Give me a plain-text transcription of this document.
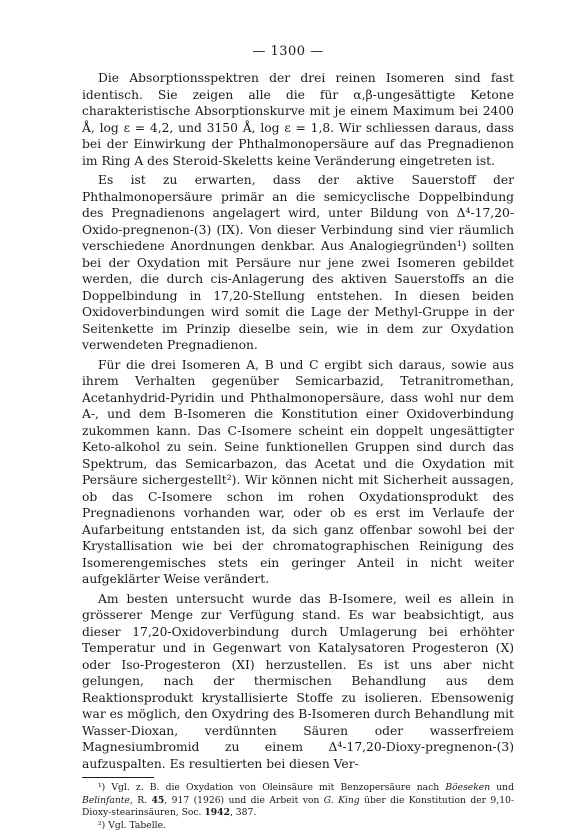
— 1300 —

Die Absorptionsspektren der drei reinen Isomeren sind fast identisch. Sie zeigen alle die für α,β-ungesättigte Ketone charakteristische Absorptionskurve mit je einem Maximum bei 2400 Å, log ε = 4,2, und 3150 Å, log ε = 1,8. Wir schliessen daraus, dass bei der Einwirkung der Phthalmonopersäure auf das Pregnadienon im Ring A des Steroid-Skeletts keine Veränderung eingetreten ist.

Es ist zu erwarten, dass der aktive Sauerstoff der Phthalmonopersäure primär an die semicyclische Doppelbindung des Pregnadienons angelagert wird, unter Bildung von Δ⁴-17,20-Oxido-pregnenon-(3) (IX). Von dieser Verbindung sind vier räumlich verschiedene Anordnungen denkbar. Aus Analogiegründen¹) sollten bei der Oxydation mit Persäure nur jene zwei Isomeren gebildet werden, die durch cis-Anlagerung des aktiven Sauerstoffs an die Doppelbindung in 17,20-Stellung entstehen. In diesen beiden Oxidoverbindungen wird somit die Lage der Methyl-Gruppe in der Seitenkette im Prinzip dieselbe sein, wie in dem zur Oxydation verwendeten Pregnadienon.

Für die drei Isomeren A, B und C ergibt sich daraus, sowie aus ihrem Verhalten gegenüber Semicarbazid, Tetranitromethan, Acetanhydrid-Pyridin und Phthalmonopersäure, dass wohl nur dem A-, und dem B-Isomeren die Konstitution einer Oxidoverbindung zukommen kann. Das C-Isomere scheint ein doppelt ungesättigter Keto-alkohol zu sein. Seine funktionellen Gruppen sind durch das Spektrum, das Semicarbazon, das Acetat und die Oxydation mit Persäure sichergestellt²). Wir können nicht mit Sicherheit aussagen, ob das C-Isomere schon im rohen Oxydationsprodukt des Pregnadienons vorhanden war, oder ob es erst im Verlaufe der Aufarbeitung entstanden ist, da sich ganz offenbar sowohl bei der Krystallisation wie bei der chromatographischen Reinigung des Isomerengemisches stets ein geringer Anteil in nicht weiter aufgeklärter Weise verändert.

Am besten untersucht wurde das B-Isomere, weil es allein in grösserer Menge zur Verfügung stand. Es war beabsichtigt, aus dieser 17,20-Oxidoverbindung durch Umlagerung bei erhöhter Temperatur und in Gegenwart von Katalysatoren Progesteron (X) oder Iso-Progesteron (XI) herzustellen. Es ist uns aber nicht gelungen, nach der thermischen Behandlung aus dem Reaktionsprodukt krystallisierte Stoffe zu isolieren. Ebensowenig war es möglich, den Oxydring des B-Isomeren durch Behandlung mit Wasser-Dioxan, verdünnten Säuren oder wasserfreiem Magnesiumbromid zu einem Δ⁴-17,20-Dioxy-pregnenon-(3) aufzuspalten. Es resultierten bei diesen Ver-

¹) Vgl. z. B. die Oxydation von Oleinsäure mit Benzopersäure nach Böeseken und Belinfante, R. 45, 917 (1926) und die Arbeit von G. King über die Konstitution der 9,10-Dioxy-stearinsäuren, Soc. 1942, 387.

²) Vgl. Tabelle.
